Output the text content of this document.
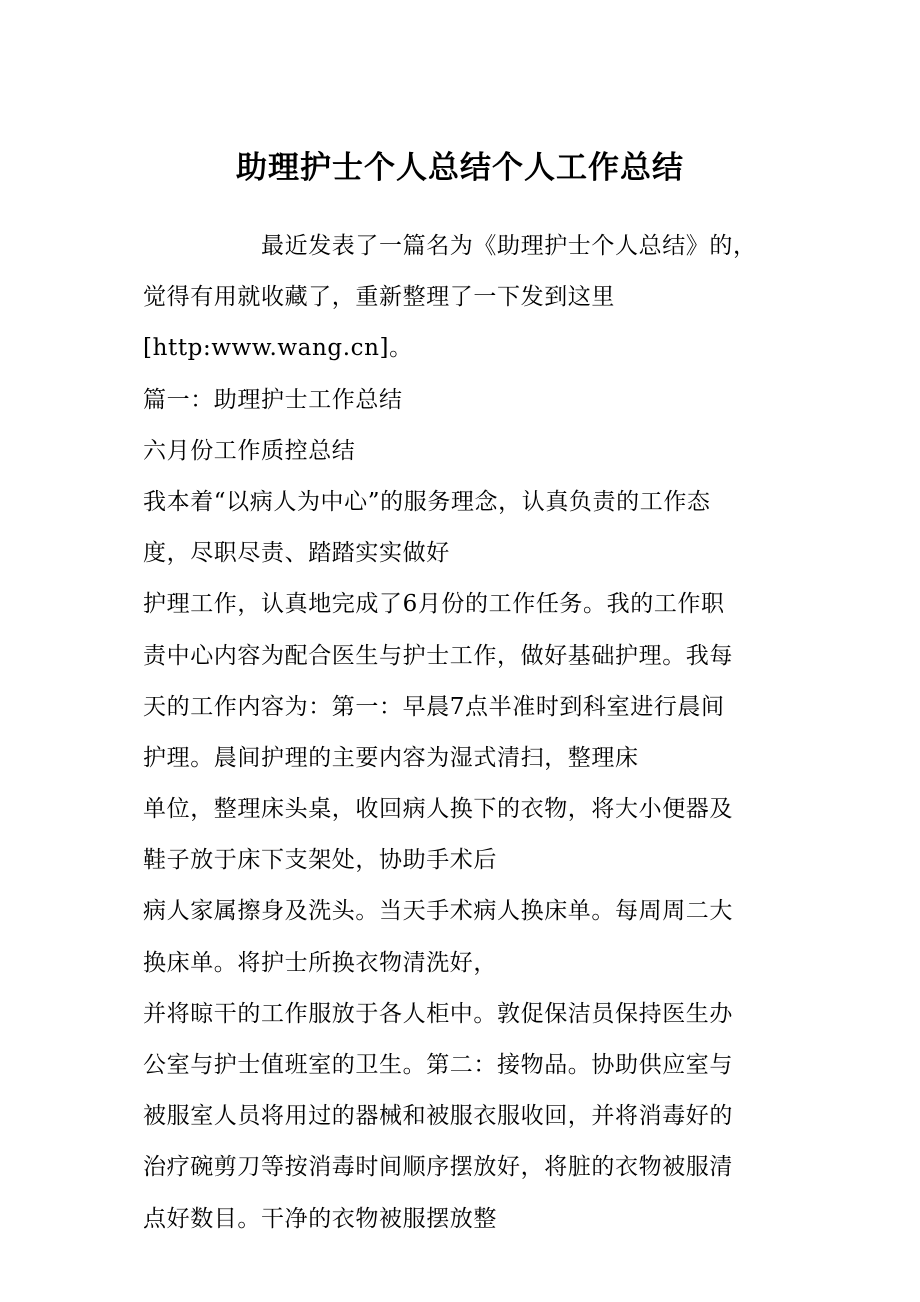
助理护士个人总结个人工作总结
最近发表了一篇名为《助理护士个人总结》的，
觉得有用就收藏了，重新整理了一下发到这里
[http:www.wang.cn]。
篇一：助理护士工作总结
六月份工作质控总结
我本着“以病人为中心”的服务理念，认真负责的工作态
度，尽职尽责、踏踏实实做好
护理工作，认真地完成了6月份的工作任务。我的工作职
责中心内容为配合医生与护士工作，做好基础护理。我每
天的工作内容为：第一：早晨7点半准时到科室进行晨间
护理。晨间护理的主要内容为湿式清扫，整理床
单位，整理床头桌，收回病人换下的衣物，将大小便器及
鞋子放于床下支架处，协助手术后
病人家属擦身及洗头。当天手术病人换床单。每周周二大
换床单。将护士所换衣物清洗好，
并将晾干的工作服放于各人柜中。敦促保洁员保持医生办
公室与护士值班室的卫生。第二：接物品。协助供应室与
被服室人员将用过的器械和被服衣服收回，并将消毒好的
治疗碗剪刀等按消毒时间顺序摆放好，将脏的衣物被服清
点好数目。干净的衣物被服摆放整
